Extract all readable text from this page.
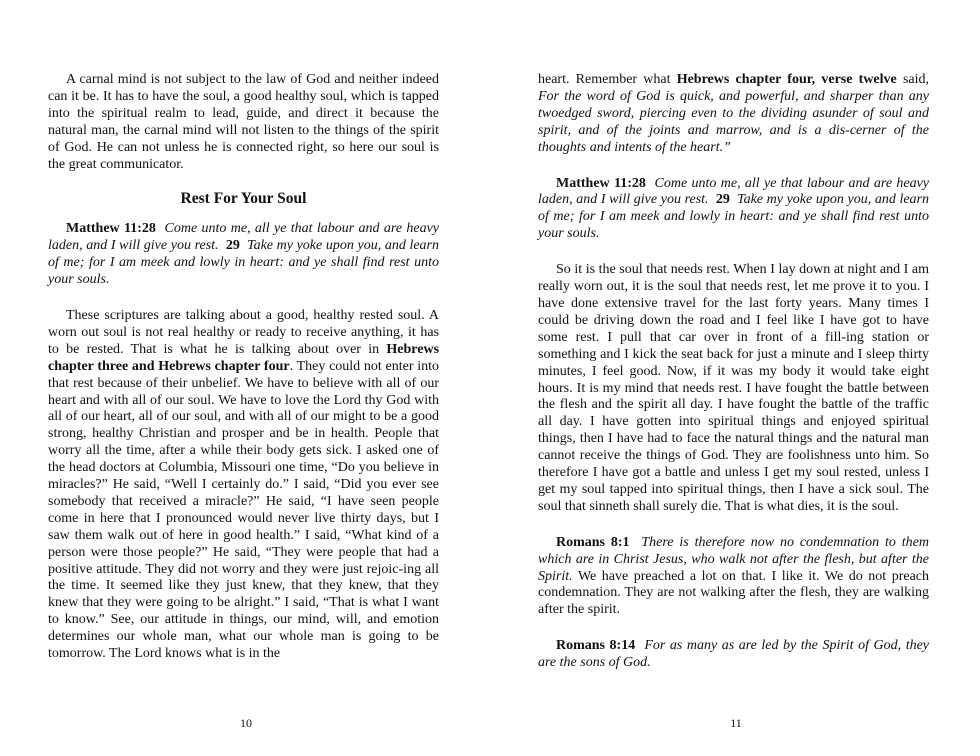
A carnal mind is not subject to the law of God and neither indeed can it be. It has to have the soul, a good healthy soul, which is tapped into the spiritual realm to lead, guide, and direct it because the natural man, the carnal mind will not listen to the things of the spirit of God. He can not unless he is connected right, so here our soul is the great communicator.

Rest For Your Soul

Matthew 11:28 Come unto me, all ye that labour and are heavy laden, and I will give you rest. 29 Take my yoke upon you, and learn of me; for I am meek and lowly in heart: and ye shall find rest unto your souls.

These scriptures are talking about a good, healthy rested soul. A worn out soul is not real healthy or ready to receive anything, it has to be rested. That is what he is talking about over in Hebrews chapter three and Hebrews chapter four. They could not enter into that rest because of their unbelief. We have to believe with all of our heart and with all of our soul. We have to love the Lord thy God with all of our heart, all of our soul, and with all of our might to be a good strong, healthy Christian and prosper and be in health. People that worry all the time, after a while their body gets sick. I asked one of the head doctors at Columbia, Missouri one time, “Do you believe in miracles?” He said, “Well I certainly do.” I said, “Did you ever see somebody that received a miracle?” He said, “I have seen people come in here that I pronounced would never live thirty days, but I saw them walk out of here in good health.” I said, “What kind of a person were those people?” He said, “They were people that had a positive attitude. They did not worry and they were just rejoic-ing all the time. It seemed like they just knew, that they knew, that they knew that they were going to be alright.” I said, “That is what I want to know.” See, our attitude in things, our mind, will, and emotion determines our whole man, what our whole man is going to be tomorrow. The Lord knows what is in the

10

heart. Remember what Hebrews chapter four, verse twelve said, For the word of God is quick, and powerful, and sharper than any twoedged sword, piercing even to the dividing asunder of soul and spirit, and of the joints and marrow, and is a dis-cerner of the thoughts and intents of the heart.”

Matthew 11:28 Come unto me, all ye that labour and are heavy laden, and I will give you rest. 29 Take my yoke upon you, and learn of me; for I am meek and lowly in heart: and ye shall find rest unto your souls.

So it is the soul that needs rest. When I lay down at night and I am really worn out, it is the soul that needs rest, let me prove it to you. I have done extensive travel for the last forty years. Many times I could be driving down the road and I feel like I have got to have some rest. I pull that car over in front of a fill-ing station or something and I kick the seat back for just a minute and I sleep thirty minutes, I feel good. Now, if it was my body it would take eight hours. It is my mind that needs rest. I have fought the battle between the flesh and the spirit all day. I have fought the battle of the traffic all day. I have gotten into spiritual things and enjoyed spiritual things, then I have had to face the natural things and the natural man cannot receive the things of God. They are foolishness unto him. So therefore I have got a battle and unless I get my soul rested, unless I get my soul tapped into spiritual things, then I have a sick soul. The soul that sinneth shall surely die. That is what dies, it is the soul.

Romans 8:1 There is therefore now no condemnation to them which are in Christ Jesus, who walk not after the flesh, but after the Spirit. We have preached a lot on that. I like it. We do not preach condemnation. They are not walking after the flesh, they are walking after the spirit.

Romans 8:14 For as many as are led by the Spirit of God, they are the sons of God.

11
